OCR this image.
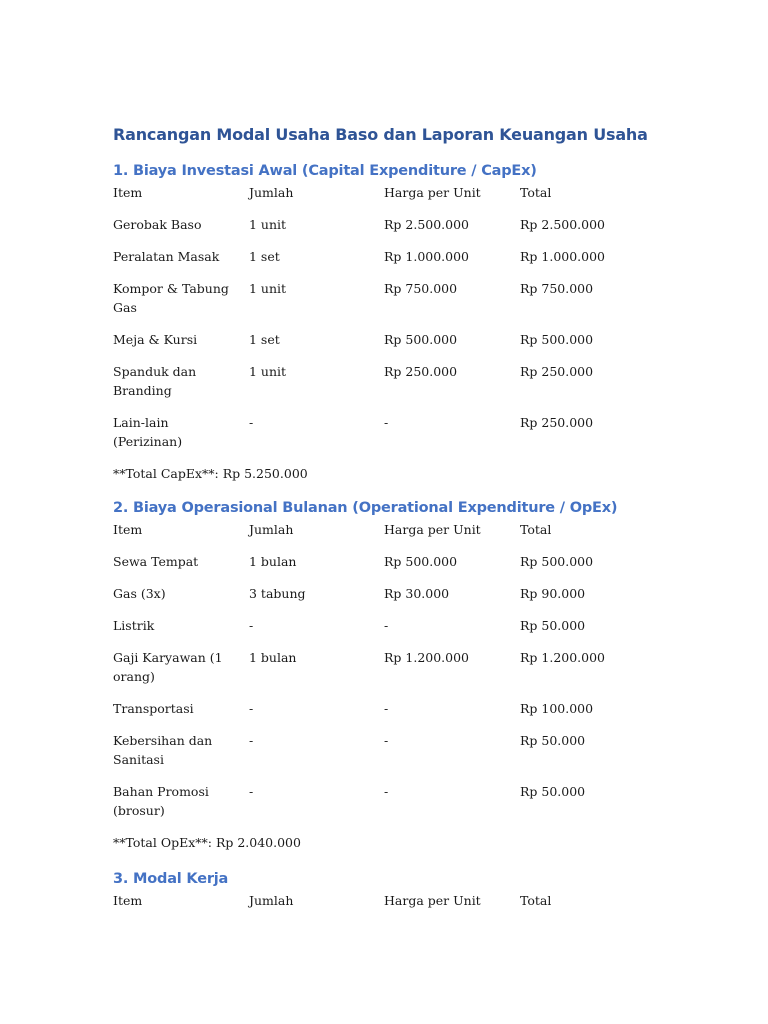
Rancangan Modal Usaha Baso dan Laporan Keuangan Usaha
1. Biaya Investasi Awal (Capital Expenditure / CapEx)
Item	Jumlah	Harga per Unit	Total
Gerobak Baso	1 unit	Rp 2.500.000	Rp 2.500.000
Peralatan Masak	1 set	Rp 1.000.000	Rp 1.000.000
Kompor & Tabung Gas	1 unit	Rp 750.000	Rp 750.000
Meja & Kursi	1 set	Rp 500.000	Rp 500.000
Spanduk dan Branding	1 unit	Rp 250.000	Rp 250.000
Lain-lain (Perizinan)	-	-	Rp 250.000

**Total CapEx**: Rp 5.250.000

2. Biaya Operasional Bulanan (Operational Expenditure / OpEx)
Item	Jumlah	Harga per Unit	Total
Sewa Tempat	1 bulan	Rp 500.000	Rp 500.000
Gas (3x)	3 tabung	Rp 30.000	Rp 90.000
Listrik	-	-	Rp 50.000
Gaji Karyawan (1 orang)	1 bulan	Rp 1.200.000	Rp 1.200.000
Transportasi	-	-	Rp 100.000
Kebersihan dan Sanitasi	-	-	Rp 50.000
Bahan Promosi (brosur)	-	-	Rp 50.000

**Total OpEx**: Rp 2.040.000

3. Modal Kerja
Item	Jumlah	Harga per Unit	Total
